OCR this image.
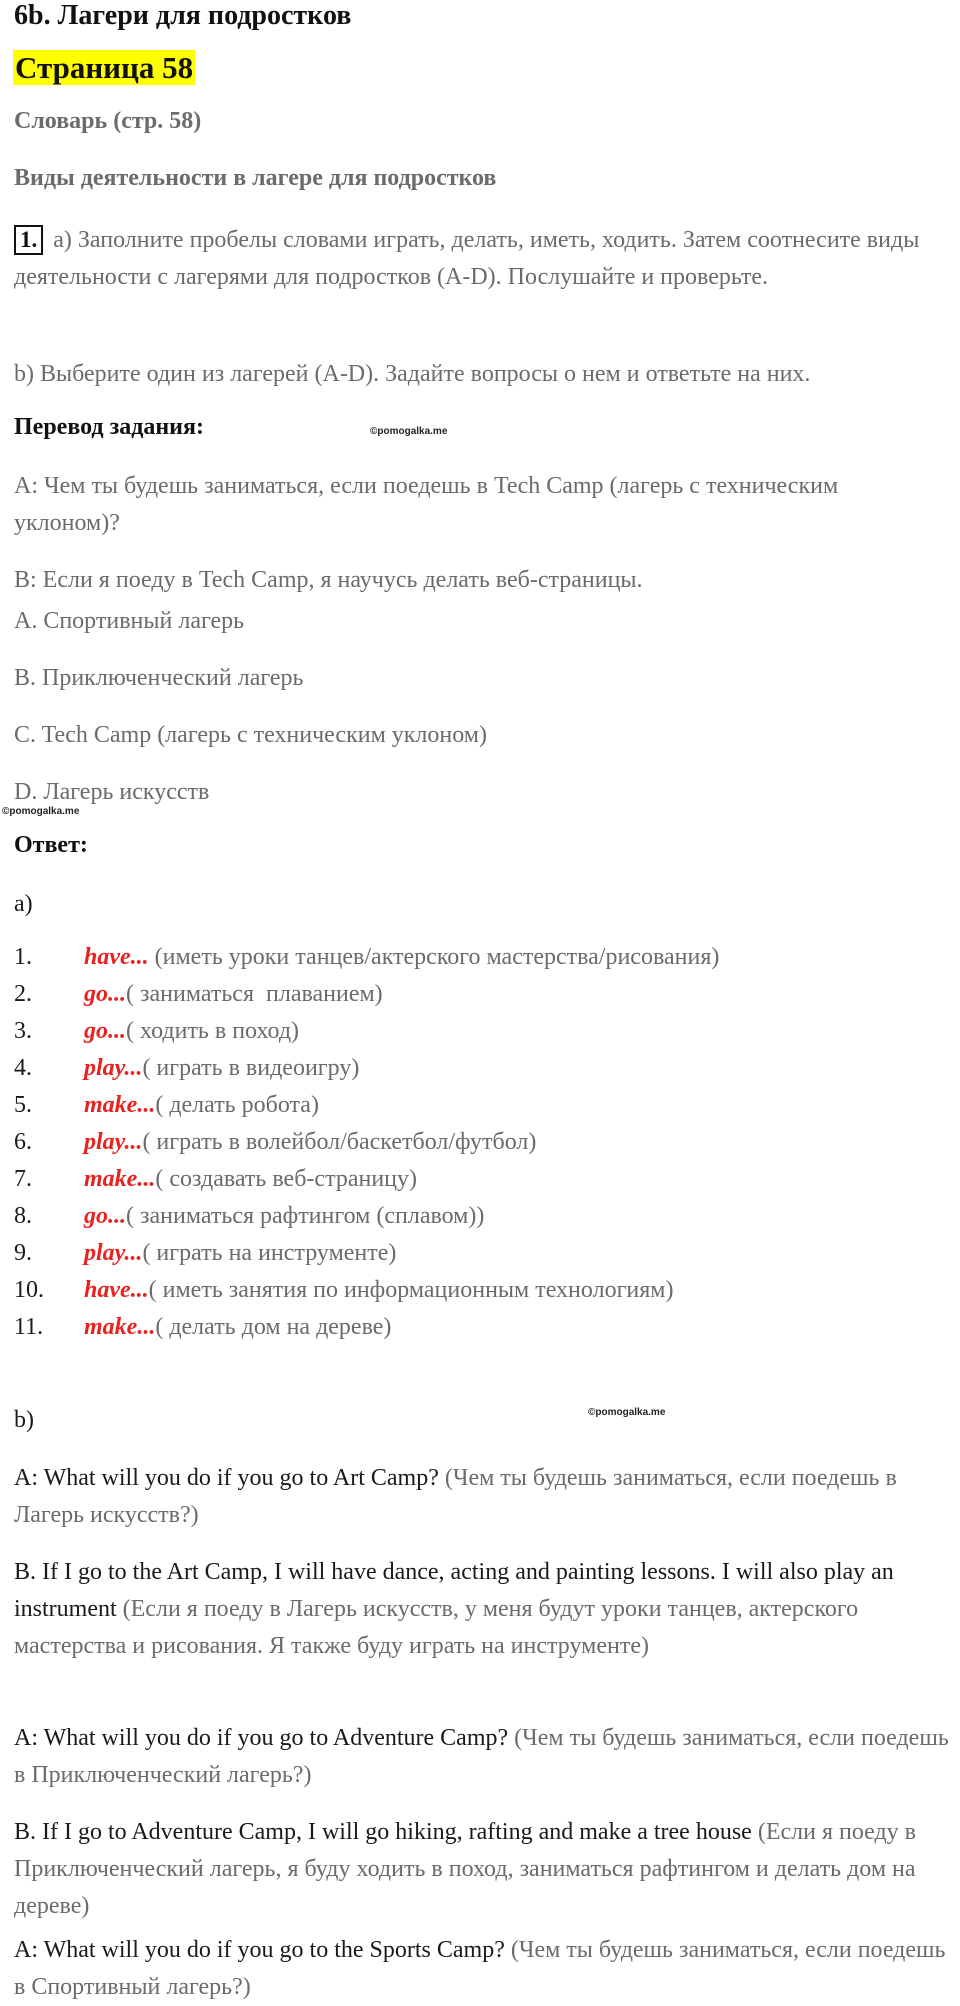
6b. Лагери для подростков
Страница 58
Словарь (стр. 58)
Виды деятельности в лагере для подростков
1. a) Заполните пробелы словами играть, делать, иметь, ходить. Затем соотнесите виды деятельности с лагерями для подростков (A-D). Послушайте и проверьте.
b) Выберите один из лагерей (A-D). Задайте вопросы о нем и ответьте на них.
Перевод задания:	©pomogalka.me
A: Чем ты будешь заниматься, если поедешь в Tech Camp (лагерь с техническим уклоном)?
B: Если я поеду в Tech Camp, я научусь делать веб-страницы.
A. Спортивный лагерь
B. Приключенческий лагерь
C. Tech Camp (лагерь с техническим уклоном)
D. Лагерь искусств
©pomogalka.me
Ответ:
a)
1. have... (иметь уроки танцев/актерского мастерства/рисования)
2. go...( заниматься  плаванием)
3. go...( ходить в поход)
4. play...( играть в видеоигру)
5. make...( делать робота)
6. play...( играть в волейбол/баскетбол/футбол)
7. make...( создавать веб-страницу)
8. go...( заниматься рафтингом (сплавом))
9. play...( играть на инструменте)
10. have...( иметь занятия по информационным технологиям)
11. make...( делать дом на дереве)
b)	©pomogalka.me
A: What will you do if you go to Art Camp? (Чем ты будешь заниматься, если поедешь в Лагерь искусств?)
B. If I go to the Art Camp, I will have dance, acting and painting lessons. I will also play an instrument (Если я поеду в Лагерь искусств, у меня будут уроки танцев, актерского мастерства и рисования. Я также буду играть на инструменте)
A: What will you do if you go to Adventure Camp? (Чем ты будешь заниматься, если поедешь в Приключенческий лагерь?)
B. If I go to Adventure Camp, I will go hiking, rafting and make a tree house (Если я поеду в Приключенческий лагерь, я буду ходить в поход, заниматься рафтингом и делать дом на дереве)
A: What will you do if you go to the Sports Camp? (Чем ты будешь заниматься, если поедешь в Спортивный лагерь?)
